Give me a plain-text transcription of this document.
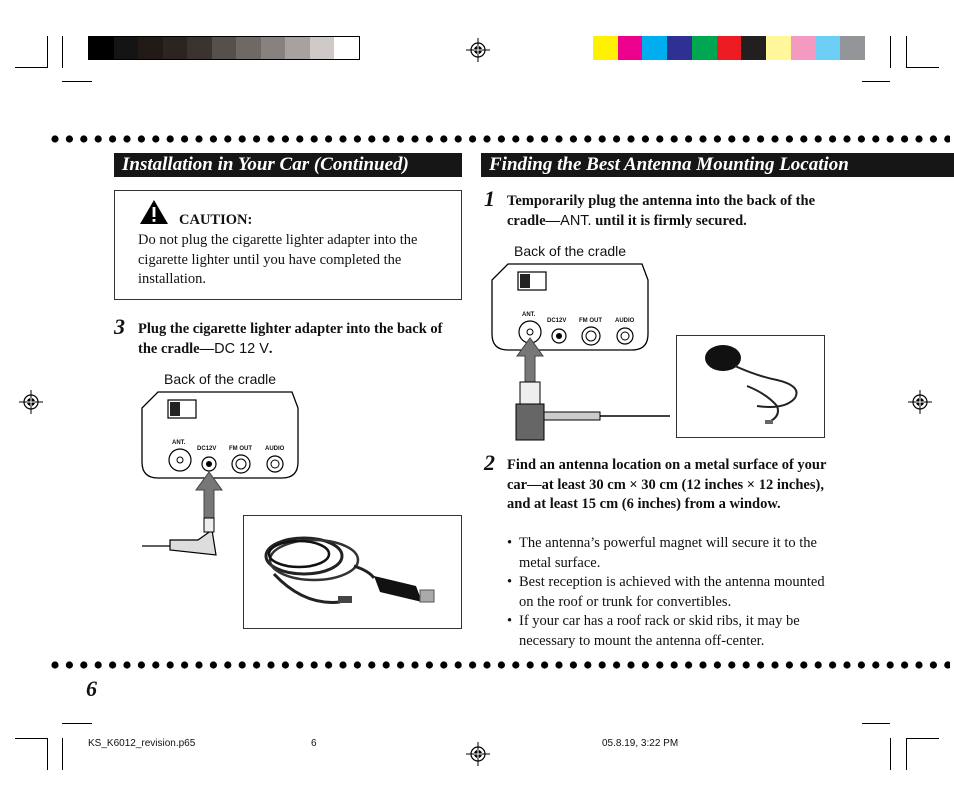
Installation in Your Car (Continued)
CAUTION:
Do not plug the cigarette lighter adapter into the cigarette lighter until you have completed the installation.
3 Plug the cigarette lighter adapter into the back of the cradle—DC 12 V.
Back of the cradle
ANT.
DC12V FM OUT AUDIO
Finding the Best Antenna Mounting Location
1 Temporarily plug the antenna into the back of the cradle—ANT. until it is firmly secured.
Back of the cradle
ANT.
DC12V FM OUT AUDIO
2 Find an antenna location on a metal surface of your car—at least 30 cm × 30 cm (12 inches × 12 inches), and at least 15 cm (6 inches) from a window.
• The antenna’s powerful magnet will secure it to the metal surface.
• Best reception is achieved with the antenna mounted on the roof or trunk for convertibles.
• If your car has a roof rack or skid ribs, it may be necessary to mount the antenna off-center.
6
KS_K6012_revision.p65	6	05.8.19, 3:22 PM
